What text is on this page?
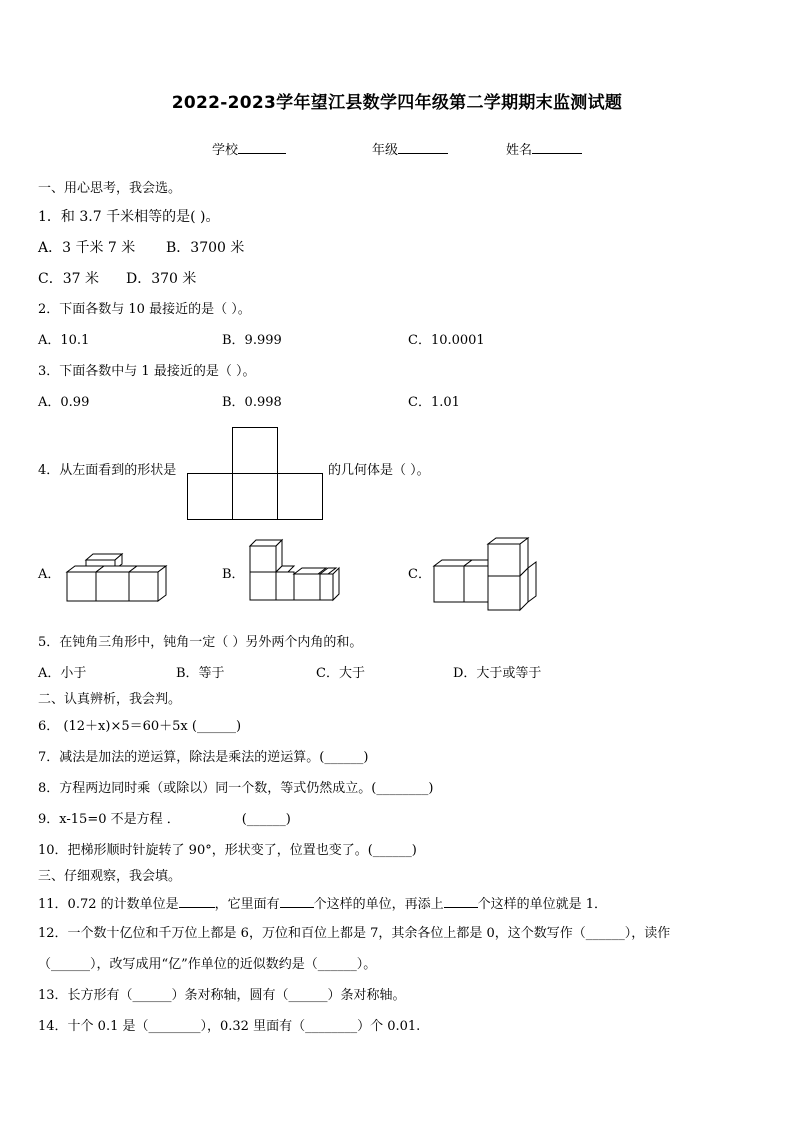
2022-2023学年望江县数学四年级第二学期期末监测试题
学校	年级	姓名
一、用心思考，我会选。
1．和 3.7 千米相等的是( )。
A．3 千米 7 米 B．3700 米
C．37 米 D．370 米
2．下面各数与 10 最接近的是（ ）。
A．10.1	B．9.999	C．10.0001
3．下面各数中与 1 最接近的是（ ）。
A．0.99	B．0.998	C．1.01
4．从左面看到的形状是	的几何体是（ ）。
A．	B．	C．
5．在钝角三角形中，钝角一定（ ）另外两个内角的和。
A．小于	B．等于	C．大于	D．大于或等于
二、认真辨析，我会判。
6． (12＋x)×5＝60＋5x (______)
7．减法是加法的逆运算，除法是乘法的逆运算。(______)
8．方程两边同时乘（或除以）同一个数，等式仍然成立。(________)
9．x-15=0 不是方程 ．               (______)
10．把梯形顺时针旋转了 90°，形状变了，位置也变了。(______)
三、仔细观察，我会填。
11．0.72 的计数单位是	，它里面有	个这样的单位，再添上	个这样的单位就是 1．
12．一个数十亿位和千万位上都是 6，万位和百位上都是 7，其余各位上都是 0，这个数写作（______），读作
（______），改写成用“亿”作单位的近似数约是（______）。
13．长方形有（______）条对称轴，圆有（______）条对称轴。
14．十个 0.1 是（________），0.32 里面有（________）个 0.01.
